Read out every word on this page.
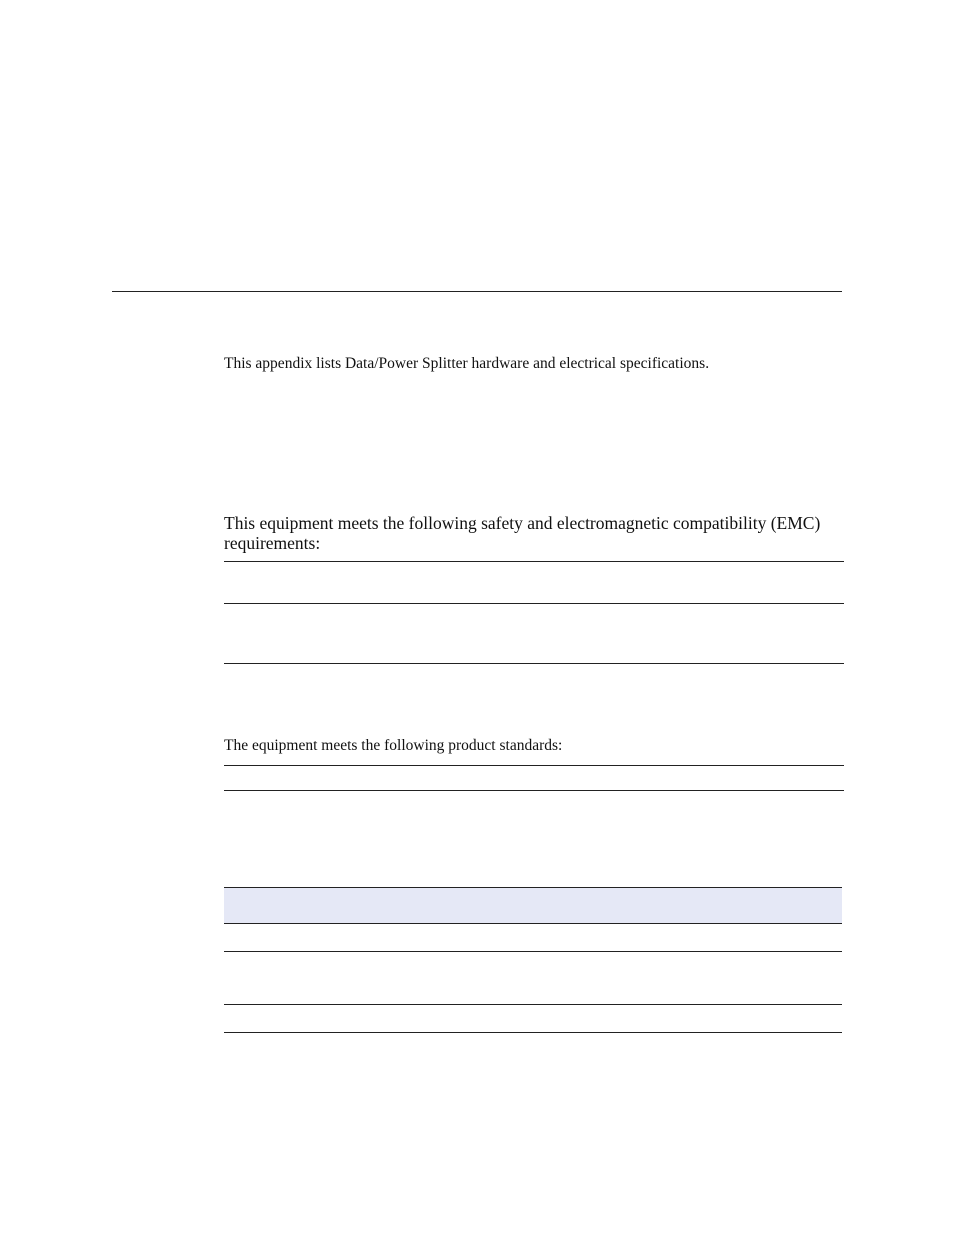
This appendix lists Data/Power Splitter hardware and electrical specifications.

This equipment meets the following safety and electromagnetic compatibility (EMC) requirements:

The equipment meets the following product standards:
